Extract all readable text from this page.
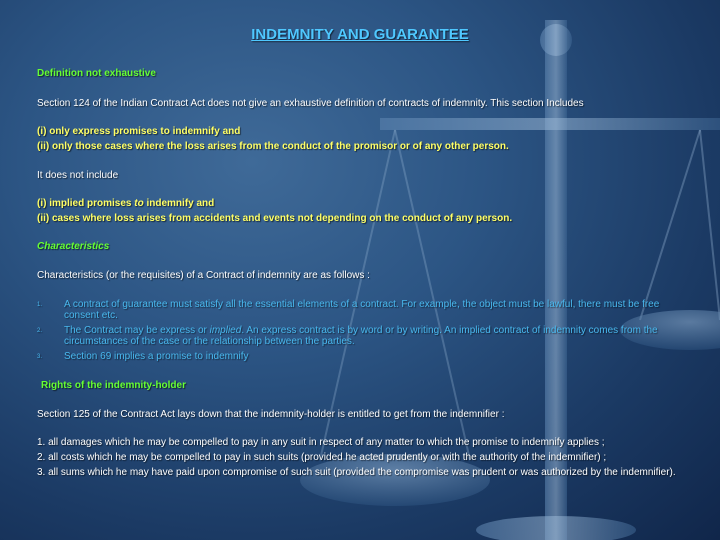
INDEMNITY AND GUARANTEE
Definition not exhaustive
Section 124 of the Indian Contract Act does not give an exhaustive definition of contracts of indemnity. This section Includes
(i) only express promises to indemnify and
(ii) only those cases where the loss arises from the conduct of the promisor or of any other person.
It does not include
(i) implied promises to indemnify and
(ii) cases where loss arises from accidents and events not depending on the conduct of any person.
Characteristics
Characteristics (or the requisites) of a Contract of indemnity are as follows :
1. A contract of guarantee must satisfy all the essential elements of a contract. For example, the object must be lawful, there must be free
consent etc.
2. The Contract may be express or implied. An express contract is by word or by writing. An implied contract of indemnity comes from the
circumstances of the case or the relationship between the parties.
3. Section 69 implies a promise to indemnify
Rights of the indemnity-holder
Section 125 of the Contract Act lays down that the indemnity-holder is entitled to get from the indemnifier :
1. all damages which he may be compelled to pay in any suit in respect of any matter to which the promise to indemnify applies ;
2. all costs which he may be compelled to pay in such suits (provided he acted prudently or with the authority of the indemnifier) ;
3. all sums which he may have paid upon compromise of such suit (provided the compromise was prudent or was authorized by the indemnifier).
